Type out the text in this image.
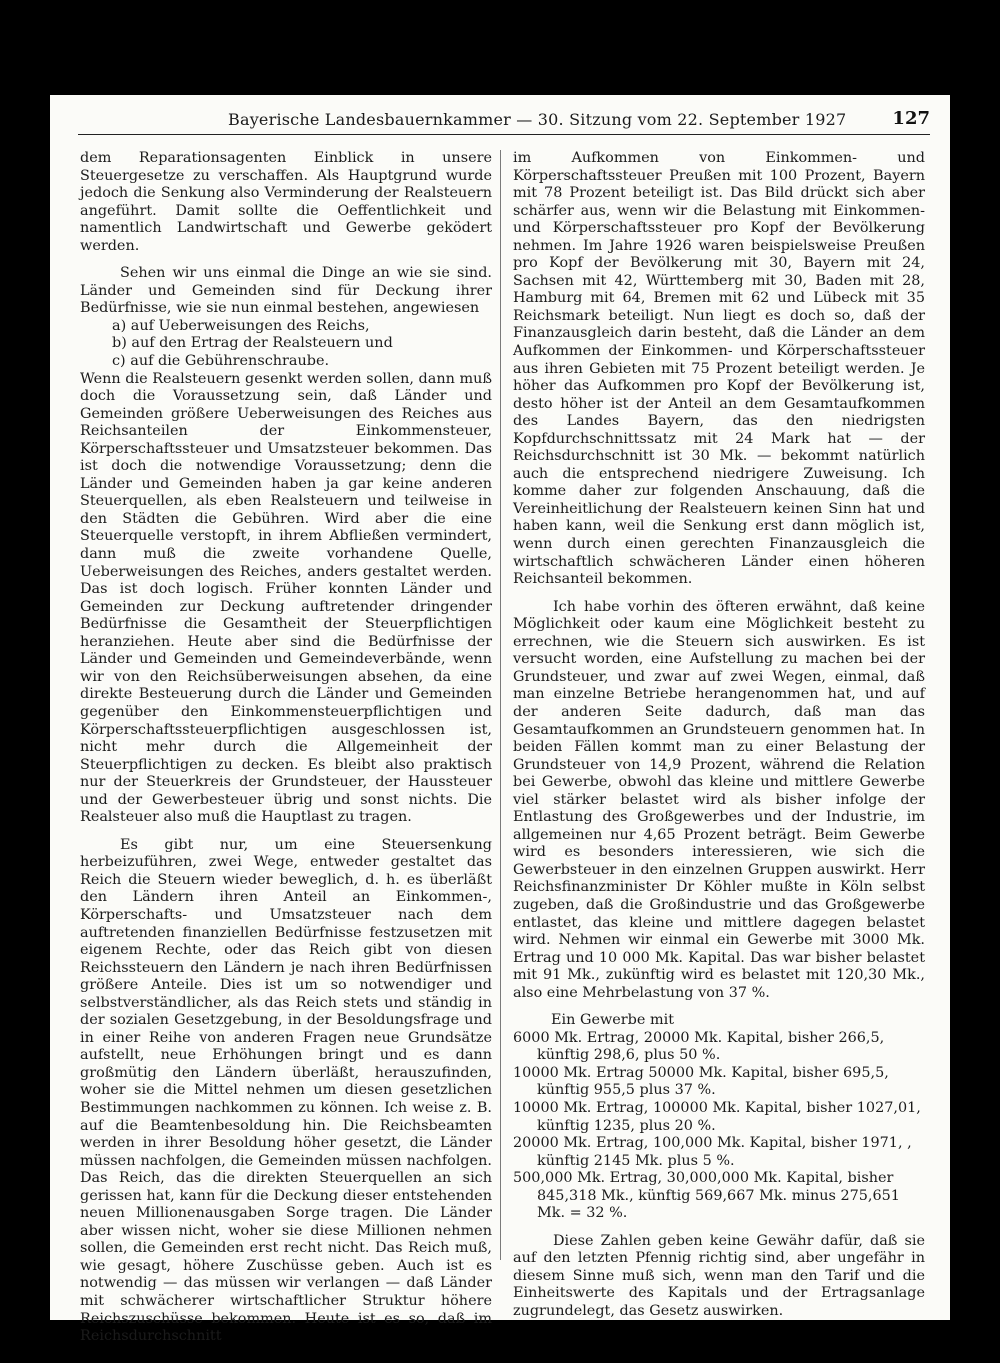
Bayerische Landesbauernkammer — 30. Sitzung vom 22. September 1927	127

dem Reparationsagenten Einblick in unsere Steuergesetze zu verschaffen. Als Hauptgrund wurde jedoch die Senkung also Verminderung der Realsteuern angeführt. Damit sollte die Oeffentlichkeit und namentlich Landwirtschaft und Gewerbe geködert werden.

Sehen wir uns einmal die Dinge an wie sie sind. Länder und Gemeinden sind für Deckung ihrer Bedürfnisse, wie sie nun einmal bestehen, angewiesen

a) auf Ueberweisungen des Reichs,

b) auf den Ertrag der Realsteuern und

c) auf die Gebührenschraube.

Wenn die Realsteuern gesenkt werden sollen, dann muß doch die Voraussetzung sein, daß Länder und Gemeinden größere Ueberweisungen des Reiches aus Reichsanteilen der Einkommensteuer, Körperschaftssteuer und Umsatzsteuer bekommen. Das ist doch die notwendige Voraussetzung; denn die Länder und Gemeinden haben ja gar keine anderen Steuerquellen, als eben Realsteuern und teilweise in den Städten die Gebühren. Wird aber die eine Steuerquelle verstopft, in ihrem Abfließen vermindert, dann muß die zweite vorhandene Quelle, Ueberweisungen des Reiches, anders gestaltet werden. Das ist doch logisch. Früher konnten Länder und Gemeinden zur Deckung auftretender dringender Bedürfnisse die Gesamtheit der Steuerpflichtigen heranziehen. Heute aber sind die Bedürfnisse der Länder und Gemeinden und Gemeindeverbände, wenn wir von den Reichsüberweisungen absehen, da eine direkte Besteuerung durch die Länder und Gemeinden gegenüber den Einkommensteuerpflichtigen und Körperschaftssteuerpflichtigen ausgeschlossen ist, nicht mehr durch die Allgemeinheit der Steuerpflichtigen zu decken. Es bleibt also praktisch nur der Steuerkreis der Grundsteuer, der Haussteuer und der Gewerbesteuer übrig und sonst nichts. Die Realsteuer also muß die Hauptlast zu tragen.

Es gibt nur, um eine Steuersenkung herbeizuführen, zwei Wege, entweder gestaltet das Reich die Steuern wieder beweglich, d. h. es überläßt den Ländern ihren Anteil an Einkommen-, Körperschafts- und Umsatzsteuer nach dem auftretenden finanziellen Bedürfnisse festzusetzen mit eigenem Rechte, oder das Reich gibt von diesen Reichssteuern den Ländern je nach ihren Bedürfnissen größere Anteile. Dies ist um so notwendiger und selbstverständlicher, als das Reich stets und ständig in der sozialen Gesetzgebung, in der Besoldungsfrage und in einer Reihe von anderen Fragen neue Grundsätze aufstellt, neue Erhöhungen bringt und es dann großmütig den Ländern überläßt, herauszufinden, woher sie die Mittel nehmen um diesen gesetzlichen Bestimmungen nachkommen zu können. Ich weise z. B. auf die Beamtenbesoldung hin. Die Reichsbeamten werden in ihrer Besoldung höher gesetzt, die Länder müssen nachfolgen, die Gemeinden müssen nachfolgen. Das Reich, das die direkten Steuerquellen an sich gerissen hat, kann für die Deckung dieser entstehenden neuen Millionenausgaben Sorge tragen. Die Länder aber wissen nicht, woher sie diese Millionen nehmen sollen, die Gemeinden erst recht nicht. Das Reich muß, wie gesagt, höhere Zuschüsse geben. Auch ist es notwendig — das müssen wir verlangen — daß Länder mit schwächerer wirtschaftlicher Struktur höhere Reichszuschüsse bekommen. Heute ist es so, daß im Reichsdurchschnitt

im Aufkommen von Einkommen- und Körperschaftssteuer Preußen mit 100 Prozent, Bayern mit 78 Prozent beteiligt ist. Das Bild drückt sich aber schärfer aus, wenn wir die Belastung mit Einkommen- und Körperschaftssteuer pro Kopf der Bevölkerung nehmen. Im Jahre 1926 waren beispielsweise Preußen pro Kopf der Bevölkerung mit 30, Bayern mit 24, Sachsen mit 42, Württemberg mit 30, Baden mit 28, Hamburg mit 64, Bremen mit 62 und Lübeck mit 35 Reichsmark beteiligt. Nun liegt es doch so, daß der Finanzausgleich darin besteht, daß die Länder an dem Aufkommen der Einkommen- und Körperschaftssteuer aus ihren Gebieten mit 75 Prozent beteiligt werden. Je höher das Aufkommen pro Kopf der Bevölkerung ist, desto höher ist der Anteil an dem Gesamtaufkommen des Landes Bayern, das den niedrigsten Kopfdurchschnittssatz mit 24 Mark hat — der Reichsdurchschnitt ist 30 Mk. — bekommt natürlich auch die entsprechend niedrigere Zuweisung. Ich komme daher zur folgenden Anschauung, daß die Vereinheitlichung der Realsteuern keinen Sinn hat und haben kann, weil die Senkung erst dann möglich ist, wenn durch einen gerechten Finanzausgleich die wirtschaftlich schwächeren Länder einen höheren Reichsanteil bekommen.

Ich habe vorhin des öfteren erwähnt, daß keine Möglichkeit oder kaum eine Möglichkeit besteht zu errechnen, wie die Steuern sich auswirken. Es ist versucht worden, eine Aufstellung zu machen bei der Grundsteuer, und zwar auf zwei Wegen, einmal, daß man einzelne Betriebe herangenommen hat, und auf der anderen Seite dadurch, daß man das Gesamtaufkommen an Grundsteuern genommen hat. In beiden Fällen kommt man zu einer Belastung der Grundsteuer von 14,9 Prozent, während die Relation bei Gewerbe, obwohl das kleine und mittlere Gewerbe viel stärker belastet wird als bisher infolge der Entlastung des Großgewerbes und der Industrie, im allgemeinen nur 4,65 Prozent beträgt. Beim Gewerbe wird es besonders interessieren, wie sich die Gewerbsteuer in den einzelnen Gruppen auswirkt. Herr Reichsfinanzminister Dr Köhler mußte in Köln selbst zugeben, daß die Großindustrie und das Großgewerbe entlastet, das kleine und mittlere dagegen belastet wird. Nehmen wir einmal ein Gewerbe mit 3000 Mk. Ertrag und 10 000 Mk. Kapital. Das war bisher belastet mit 91 Mk., zukünftig wird es belastet mit 120,30 Mk., also eine Mehrbelastung von 37 %.

Ein Gewerbe mit

6000 Mk. Ertrag, 20000 Mk. Kapital, bisher 266,5,

künftig 298,6, plus 50 %.

10000 Mk. Ertrag 50000 Mk. Kapital, bisher 695,5,

künftig 955,5 plus 37 %.

10000 Mk. Ertrag, 100000 Mk. Kapital, bisher 1027,01,

künftig 1235, plus 20 %.

20000 Mk. Ertrag, 100,000 Mk. Kapital, bisher 1971, ,

künftig 2145 Mk. plus 5 %.

500,000 Mk. Ertrag, 30,000,000 Mk. Kapital, bisher

845,318 Mk., künftig 569,667 Mk. minus 275,651

Mk. = 32 %.

Diese Zahlen geben keine Gewähr dafür, daß sie auf den letzten Pfennig richtig sind, aber ungefähr in diesem Sinne muß sich, wenn man den Tarif und die Einheitswerte des Kapitals und der Ertragsanlage zugrundelegt, das Gesetz auswirken.
